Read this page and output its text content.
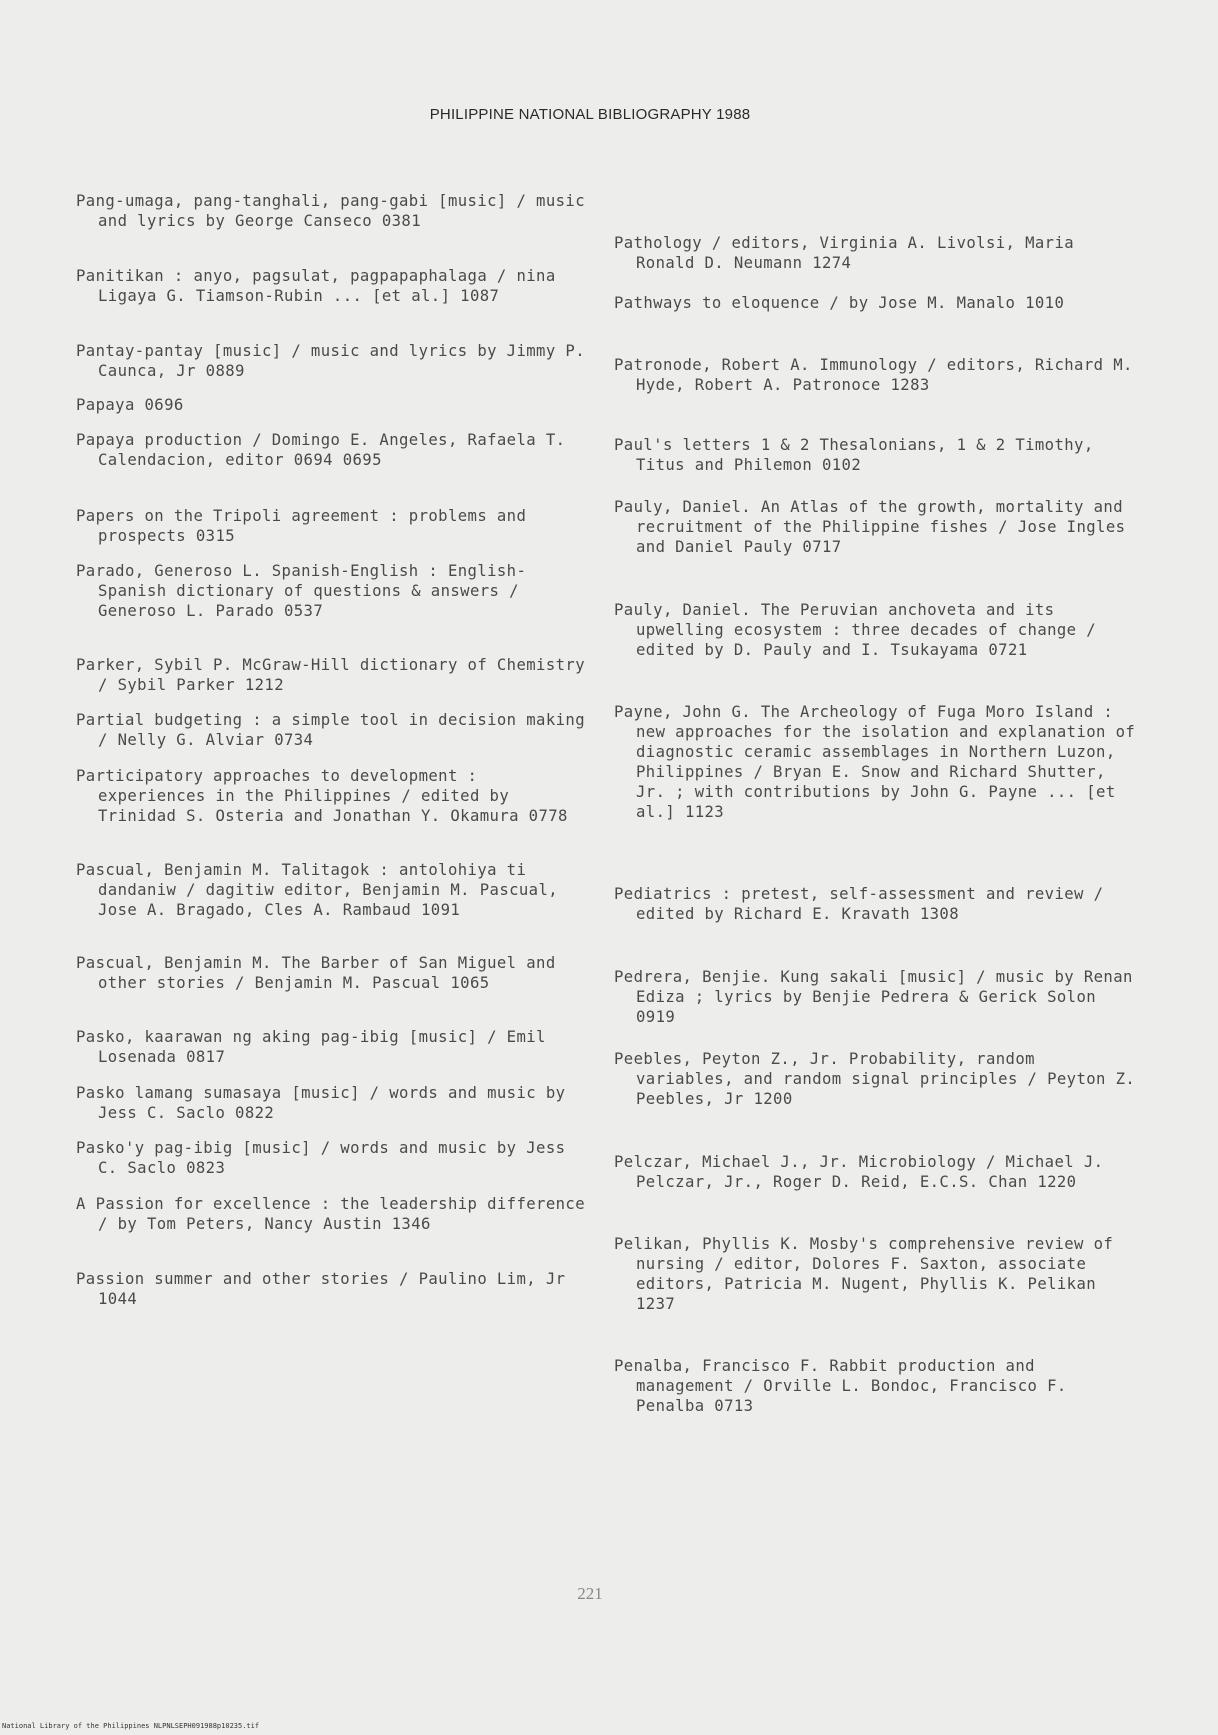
PHILIPPINE NATIONAL BIBLIOGRAPHY 1988
Pang-umaga, pang-tanghali, pang-gabi [music] / music and lyrics by George Canseco 0381
Panitikan : anyo, pagsulat, pagpapaphalaga / nina Ligaya G. Tiamson-Rubin ... [et al.] 1087
Pantay-pantay [music] / music and lyrics by Jimmy P. Caunca, Jr 0889
Papaya 0696
Papaya production / Domingo E. Angeles, Rafaela T. Calendacion, editor 0694 0695
Papers on the Tripoli agreement : problems and prospects 0315
Parado, Generoso L. Spanish-English : English-Spanish dictionary of questions & answers / Generoso L. Parado 0537
Parker, Sybil P. McGraw-Hill dictionary of Chemistry / Sybil Parker 1212
Partial budgeting : a simple tool in decision making / Nelly G. Alviar 0734
Participatory approaches to development : experiences in the Philippines / edited by Trinidad S. Osteria and Jonathan Y. Okamura 0778
Pascual, Benjamin M. Talitagok : antolohiya ti dandaniw / dagitiw editor, Benjamin M. Pascual, Jose A. Bragado, Cles A. Rambaud 1091
Pascual, Benjamin M. The Barber of San Miguel and other stories / Benjamin M. Pascual 1065
Pasko, kaarawan ng aking pag-ibig [music] / Emil Losenada 0817
Pasko lamang sumasaya [music] / words and music by Jess C. Saclo 0822
Pasko'y pag-ibig [music] / words and music by Jess C. Saclo 0823
A Passion for excellence : the leadership difference / by Tom Peters, Nancy Austin 1346
Passion summer and other stories / Paulino Lim, Jr 1044
Pathology / editors, Virginia A. Livolsi, Maria Ronald D. Neumann 1274
Pathways to eloquence / by Jose M. Manalo 1010
Patronode, Robert A. Immunology / editors, Richard M. Hyde, Robert A. Patronoce 1283
Paul's letters 1 & 2 Thesalonians, 1 & 2 Timothy, Titus and Philemon 0102
Pauly, Daniel. An Atlas of the growth, mortality and recruitment of the Philippine fishes / Jose Ingles and Daniel Pauly 0717
Pauly, Daniel. The Peruvian anchoveta and its upwelling ecosystem : three decades of change / edited by D. Pauly and I. Tsukayama 0721
Payne, John G. The Archeology of Fuga Moro Island : new approaches for the isolation and explanation of diagnostic ceramic assemblages in Northern Luzon, Philippines / Bryan E. Snow and Richard Shutter, Jr. ; with contributions by John G. Payne ... [et al.] 1123
Pediatrics : pretest, self-assessment and review / edited by Richard E. Kravath 1308
Pedrera, Benjie. Kung sakali [music] / music by Renan Ediza ; lyrics by Benjie Pedrera & Gerick Solon 0919
Peebles, Peyton Z., Jr. Probability, random variables, and random signal principles / Peyton Z. Peebles, Jr 1200
Pelczar, Michael J., Jr. Microbiology / Michael J. Pelczar, Jr., Roger D. Reid, E.C.S. Chan 1220
Pelikan, Phyllis K. Mosby's comprehensive review of nursing / editor, Dolores F. Saxton, associate editors, Patricia M. Nugent, Phyllis K. Pelikan 1237
Penalba, Francisco F. Rabbit production and management / Orville L. Bondoc, Francisco F. Penalba 0713
221
National Library of the Philippines NLPNLSEPH091988p10235.tif
